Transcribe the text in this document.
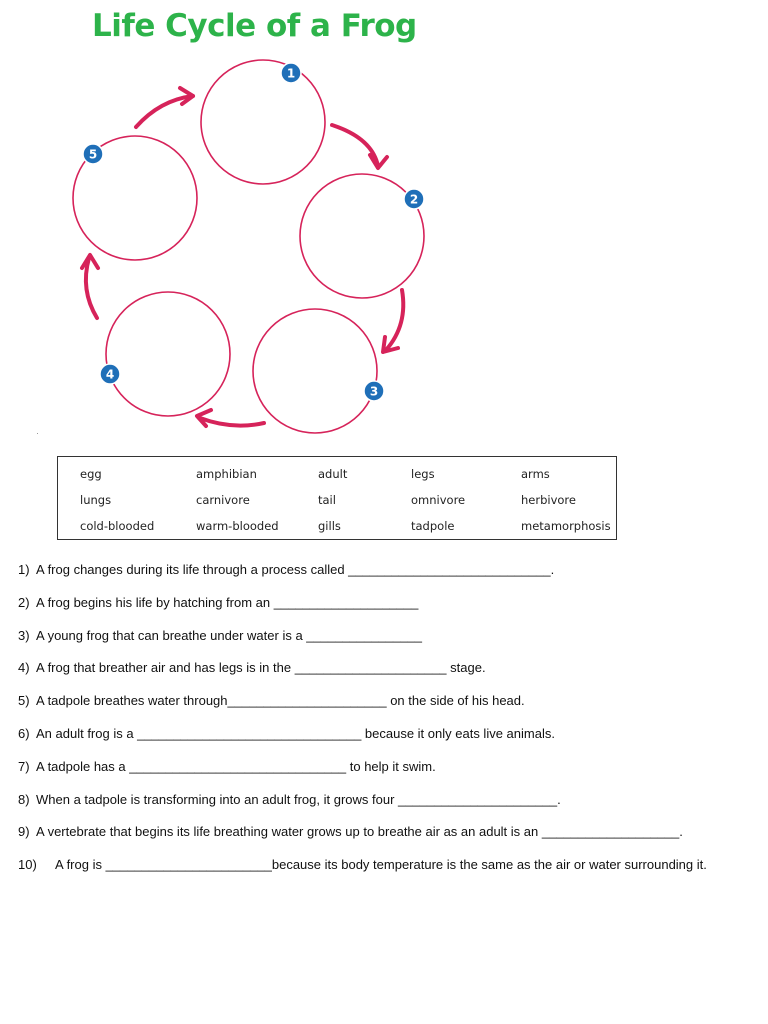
Life Cycle of a Frog
1
2
3
4
5
egg	amphibian	adult	legs	arms
lungs	carnivore	tail	omnivore	herbivore
cold-blooded	warm-blooded	gills	tadpole	metamorphosis
1) A frog changes during its life through a process called ____________________________.
2) A frog begins his life by hatching from an ____________________
3) A young frog that can breathe under water is a ________________
4) A frog that breather air and has legs is in the _____________________ stage.
5) A tadpole breathes water through______________________ on the side of his head.
6) An adult frog is a _______________________________ because it only eats live animals.
7) A tadpole has a ______________________________ to help it swim.
8) When a tadpole is transforming into an adult frog, it grows four ______________________.
9) A vertebrate that begins its life breathing water grows up to breathe air as an adult is an ___________________.
10) A frog is _______________________because its body temperature is the same as the air or water surrounding it.
